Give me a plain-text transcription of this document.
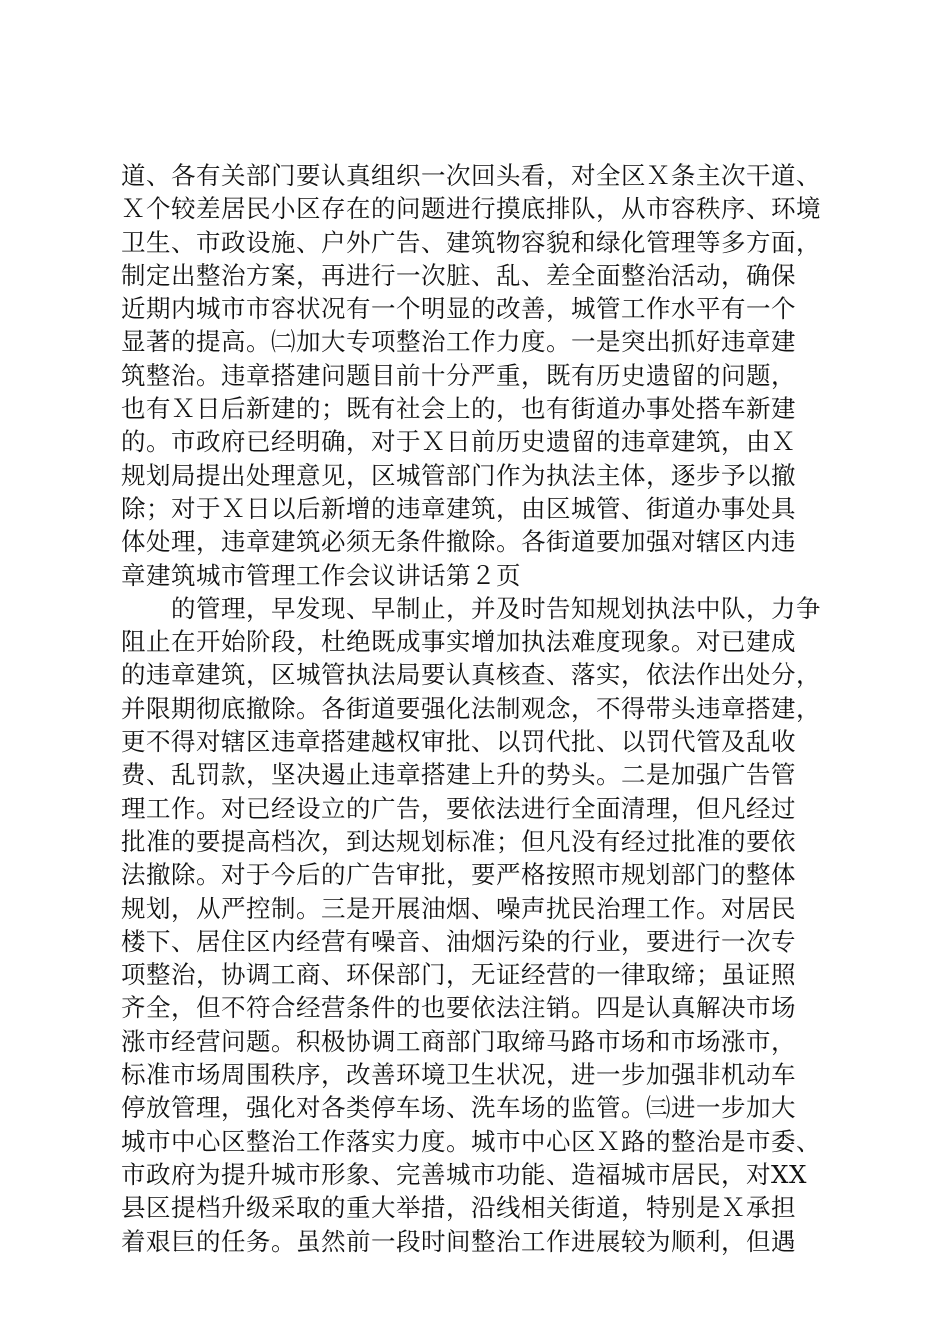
道、各有关部门要认真组织一次回头看，对全区Ｘ条主次干道、
Ｘ个较差居民小区存在的问题进行摸底排队，从市容秩序、环境
卫生、市政设施、户外广告、建筑物容貌和绿化管理等多方面，
制定出整治方案，再进行一次脏、乱、差全面整治活动，确保
近期内城市市容状况有一个明显的改善，城管工作水平有一个
显著的提高。㈡加大专项整治工作力度。一是突出抓好违章建
筑整治。违章搭建问题目前十分严重，既有历史遗留的问题，
也有Ｘ日后新建的；既有社会上的，也有街道办事处搭车新建
的。市政府已经明确，对于Ｘ日前历史遗留的违章建筑，由Ｘ
规划局提出处理意见，区城管部门作为执法主体，逐步予以撤
除；对于Ｘ日以后新增的违章建筑，由区城管、街道办事处具
体处理，违章建筑必须无条件撤除。各街道要加强对辖区内违
章建筑城市管理工作会议讲话第２页
　　的管理，早发现、早制止，并及时告知规划执法中队，力争
阻止在开始阶段，杜绝既成事实增加执法难度现象。对已建成
的违章建筑，区城管执法局要认真核查、落实，依法作出处分，
并限期彻底撤除。各街道要强化法制观念，不得带头违章搭建，
更不得对辖区违章搭建越权审批、以罚代批、以罚代管及乱收
费、乱罚款，坚决遏止违章搭建上升的势头。二是加强广告管
理工作。对已经设立的广告，要依法进行全面清理，但凡经过
批准的要提高档次，到达规划标准；但凡没有经过批准的要依
法撤除。对于今后的广告审批，要严格按照市规划部门的整体
规划，从严控制。三是开展油烟、噪声扰民治理工作。对居民
楼下、居住区内经营有噪音、油烟污染的行业，要进行一次专
项整治，协调工商、环保部门，无证经营的一律取缔；虽证照
齐全，但不符合经营条件的也要依法注销。四是认真解决市场
涨市经营问题。积极协调工商部门取缔马路市场和市场涨市，
标准市场周围秩序，改善环境卫生状况，进一步加强非机动车
停放管理，强化对各类停车场、洗车场的监管。㈢进一步加大
城市中心区整治工作落实力度。城市中心区Ｘ路的整治是市委、
市政府为提升城市形象、完善城市功能、造福城市居民，对XX
县区提档升级采取的重大举措，沿线相关街道，特别是Ｘ承担
着艰巨的任务。虽然前一段时间整治工作进展较为顺利，但遇
